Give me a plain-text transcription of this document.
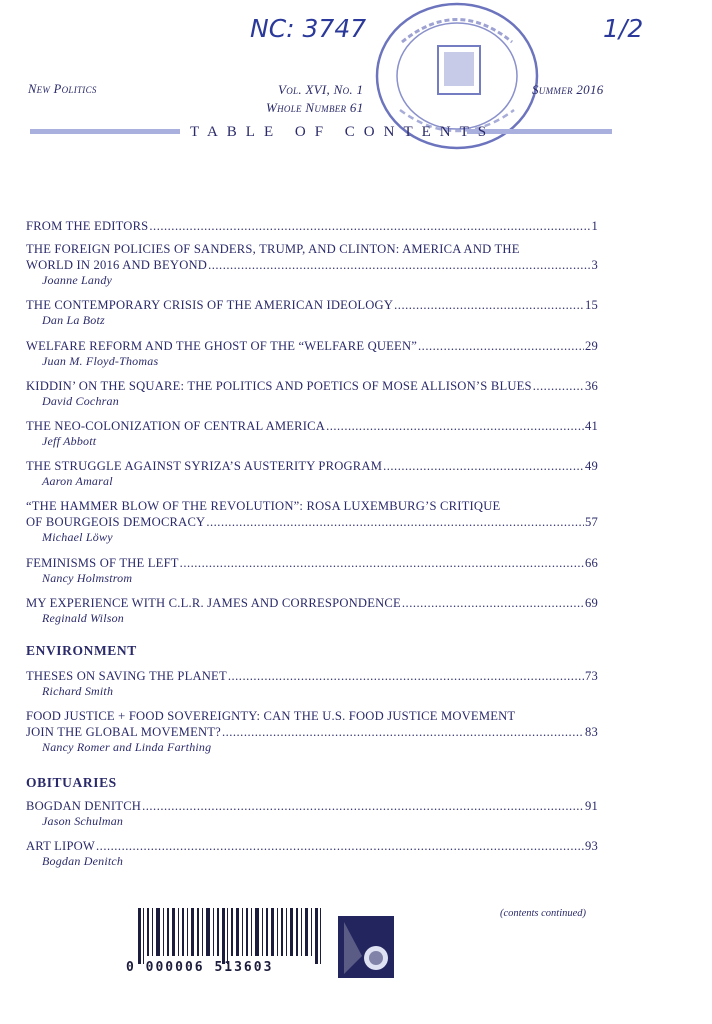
NC: 3747	1/2
New Politics	Vol. XVI, No. 1
Whole Number 61
Summer 2016
TABLE OF CONTENTS
FROM THE EDITORS .....	1
THE FOREIGN POLICIES OF SANDERS, TRUMP, AND CLINTON: AMERICA AND THE
WORLD IN 2016 AND BEYOND .....	3
Joanne Landy
THE CONTEMPORARY CRISIS OF THE AMERICAN IDEOLOGY .....	15
Dan La Botz
WELFARE REFORM AND THE GHOST OF THE “WELFARE QUEEN” .....	29
Juan M. Floyd-Thomas
KIDDIN’ ON THE SQUARE: THE POLITICS AND POETICS OF MOSE ALLISON’S BLUES .....	36
David Cochran
THE NEO-COLONIZATION OF CENTRAL AMERICA .....	41
Jeff Abbott
THE STRUGGLE AGAINST SYRIZA’S AUSTERITY PROGRAM .....	49
Aaron Amaral
“THE HAMMER BLOW OF THE REVOLUTION”: ROSA LUXEMBURG’S CRITIQUE
OF BOURGEOIS DEMOCRACY .....	57
Michael Löwy
FEMINISMS OF THE LEFT .....	66
Nancy Holmstrom
MY EXPERIENCE WITH C.L.R. JAMES AND CORRESPONDENCE .....	69
Reginald Wilson
ENVIRONMENT
THESES ON SAVING THE PLANET .....	73
Richard Smith
FOOD JUSTICE + FOOD SOVEREIGNTY: CAN THE U.S. FOOD JUSTICE MOVEMENT
JOIN THE GLOBAL MOVEMENT? .....	83
Nancy Romer and Linda Farthing
OBITUARIES
BOGDAN DENITCH .....	91
Jason Schulman
ART LIPOW .....	93
Bogdan Denitch
(contents continued)
0 000006 513603
